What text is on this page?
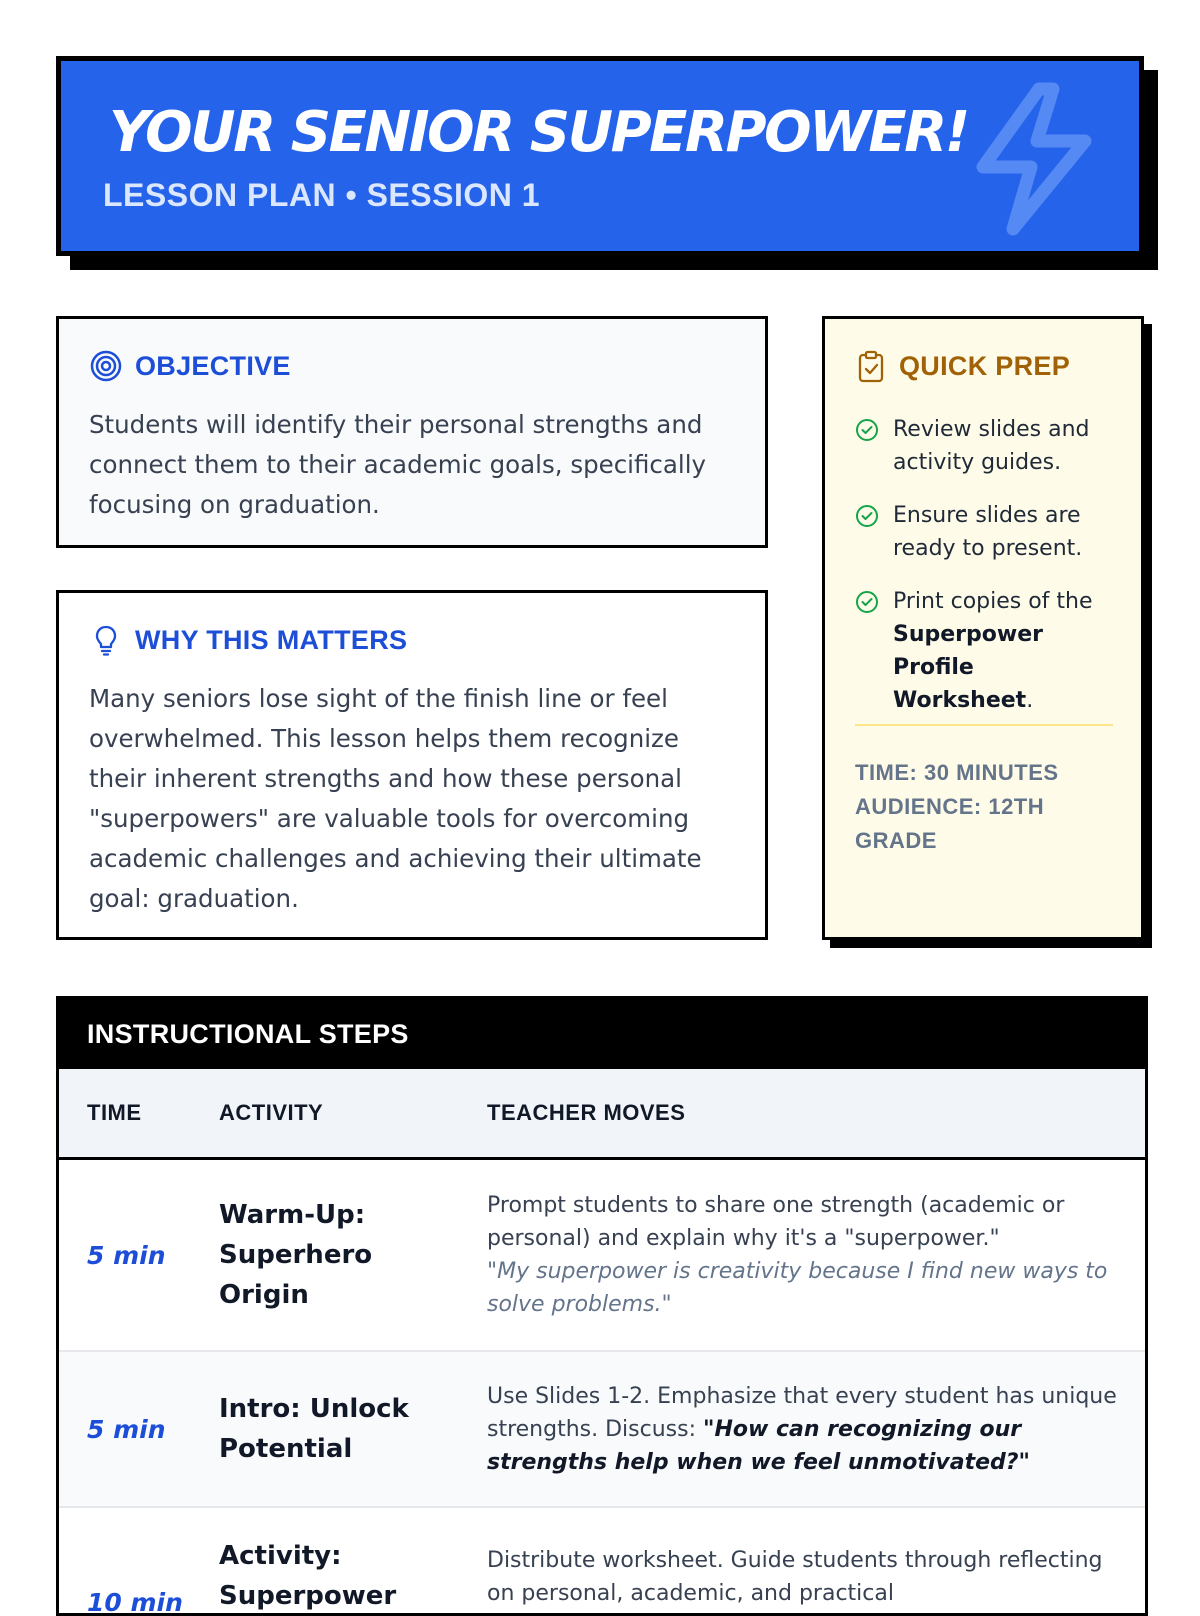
YOUR SENIOR SUPERPOWER!
LESSON PLAN • SESSION 1
OBJECTIVE
Students will identify their personal strengths and connect them to their academic goals, specifically focusing on graduation.
WHY THIS MATTERS
Many seniors lose sight of the finish line or feel overwhelmed. This lesson helps them recognize their inherent strengths and how these personal "superpowers" are valuable tools for overcoming academic challenges and achieving their ultimate goal: graduation.
QUICK PREP
Review slides and activity guides.
Ensure slides are ready to present.
Print copies of the Superpower Profile Worksheet.
TIME: 30 MINUTES
AUDIENCE: 12TH GRADE
INSTRUCTIONAL STEPS
TIME	ACTIVITY	TEACHER MOVES
5 min
Warm-Up: Superhero Origin
Prompt students to share one strength (academic or personal) and explain why it's a "superpower."
"My superpower is creativity because I find new ways to solve problems."
5 min
Intro: Unlock Potential
Use Slides 1-2. Emphasize that every student has unique strengths. Discuss: "How can recognizing our strengths help when we feel unmotivated?"
10 min
Activity: Superpower
Distribute worksheet. Guide students through reflecting on personal, academic, and practical
